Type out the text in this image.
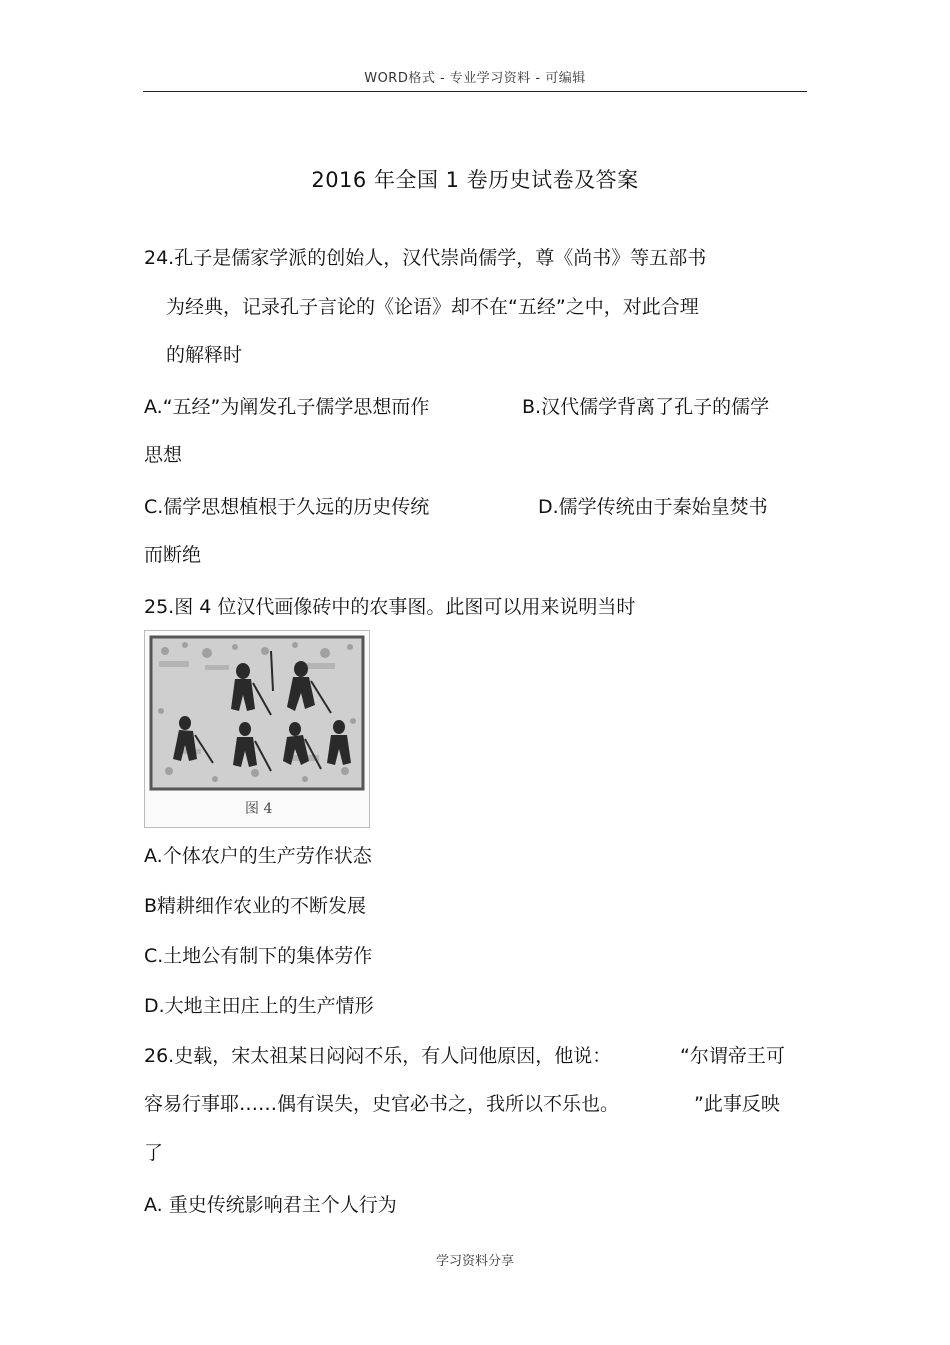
WORD格式 - 专业学习资料 - 可编辑
2016 年全国 1 卷历史试卷及答案
24.孔子是儒家学派的创始人，汉代崇尚儒学，尊《尚书》等五部书
为经典，记录孔子言论的《论语》却不在“五经”之中，对此合理
的解释时
A.“五经”为阐发孔子儒学思想而作	B.汉代儒学背离了孔子的儒学
思想
C.儒学思想植根于久远的历史传统	D.儒学传统由于秦始皇焚书
而断绝
25.图 4 位汉代画像砖中的农事图。此图可以用来说明当时
图 4
A.个体农户的生产劳作状态
B精耕细作农业的不断发展
C.土地公有制下的集体劳作
D.大地主田庄上的生产情形
26.史载，宋太祖某日闷闷不乐，有人问他原因，他说：	“尔谓帝王可
容易行事耶……偶有误失，史官必书之，我所以不乐也。	”此事反映
了
A. 重史传统影响君主个人行为
学习资料分享
